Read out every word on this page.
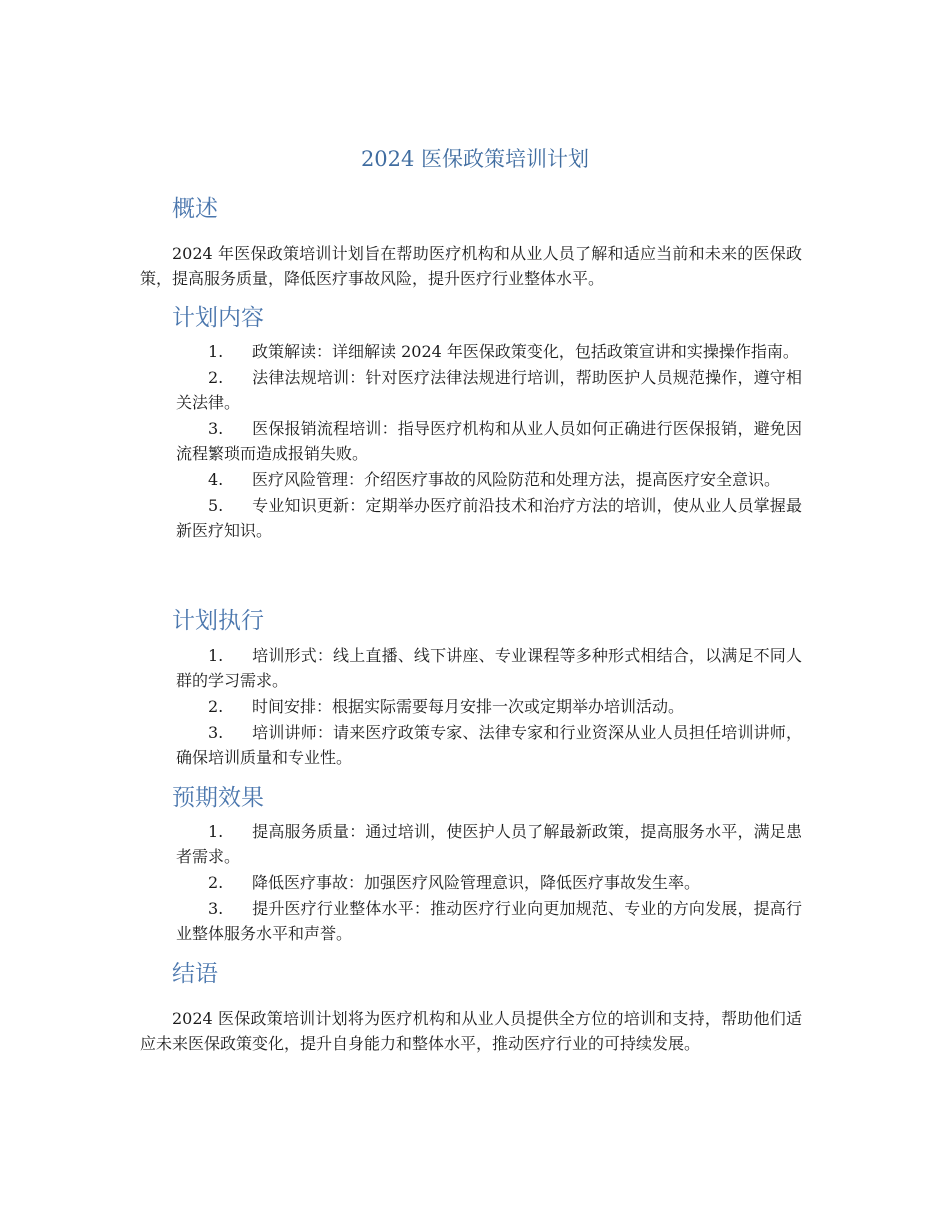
2024 医保政策培训计划
概述
2024 年医保政策培训计划旨在帮助医疗机构和从业人员了解和适应当前和未来的医保政策，提高服务质量，降低医疗事故风险，提升医疗行业整体水平。
计划内容
1. 政策解读：详细解读 2024 年医保政策变化，包括政策宣讲和实操操作指南。
2. 法律法规培训：针对医疗法律法规进行培训，帮助医护人员规范操作，遵守相关法律。
3. 医保报销流程培训：指导医疗机构和从业人员如何正确进行医保报销，避免因流程繁琐而造成报销失败。
4. 医疗风险管理：介绍医疗事故的风险防范和处理方法，提高医疗安全意识。
5. 专业知识更新：定期举办医疗前沿技术和治疗方法的培训，使从业人员掌握最新医疗知识。
计划执行
1. 培训形式：线上直播、线下讲座、专业课程等多种形式相结合，以满足不同人群的学习需求。
2. 时间安排：根据实际需要每月安排一次或定期举办培训活动。
3. 培训讲师：请来医疗政策专家、法律专家和行业资深从业人员担任培训讲师，确保培训质量和专业性。
预期效果
1. 提高服务质量：通过培训，使医护人员了解最新政策，提高服务水平，满足患者需求。
2. 降低医疗事故：加强医疗风险管理意识，降低医疗事故发生率。
3. 提升医疗行业整体水平：推动医疗行业向更加规范、专业的方向发展，提高行业整体服务水平和声誉。
结语
2024 医保政策培训计划将为医疗机构和从业人员提供全方位的培训和支持，帮助他们适应未来医保政策变化，提升自身能力和整体水平，推动医疗行业的可持续发展。
